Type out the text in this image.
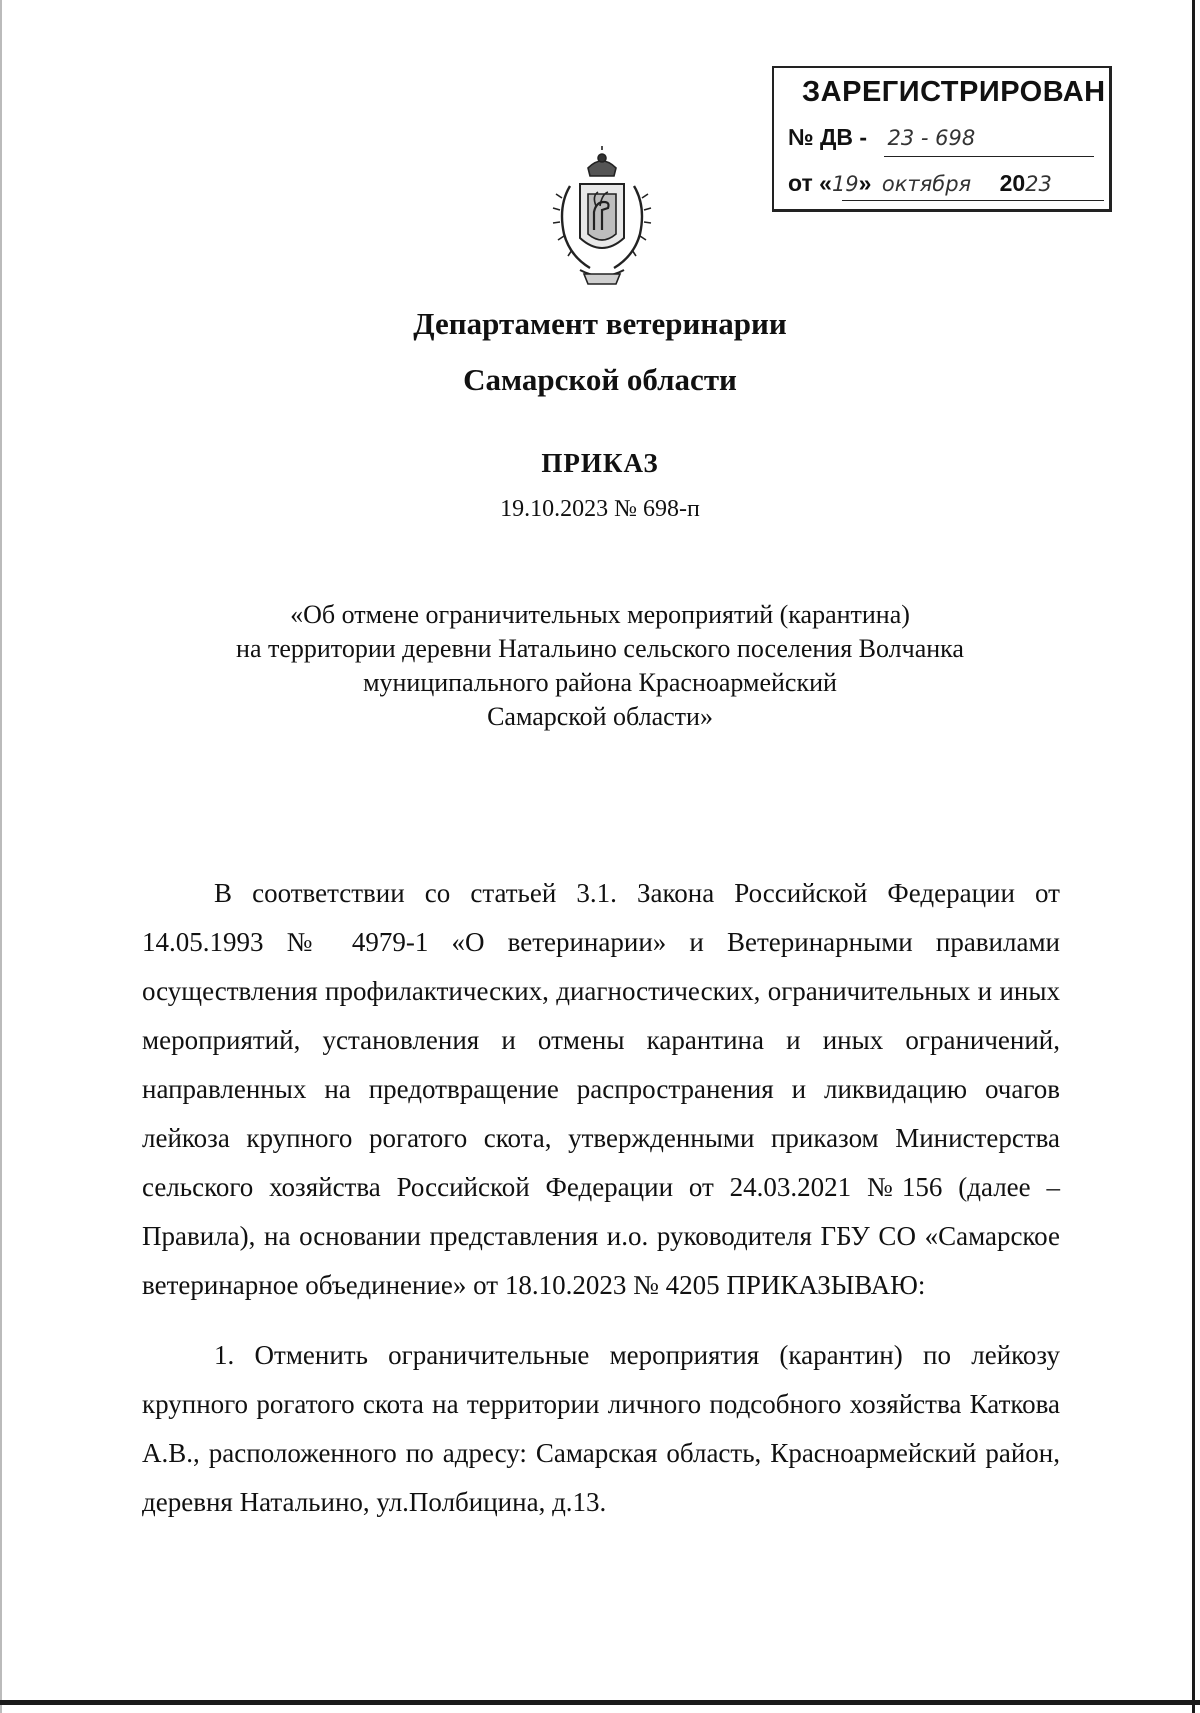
ЗАРЕГИСТРИРОВАН
№ ДВ - 23 - 698
от «19» октября 2023
Департамент ветеринарии
Самарской области
ПРИКАЗ
19.10.2023 № 698-п
«Об отмене ограничительных мероприятий (карантина)
на территории деревни Натальино сельского поселения Волчанка
муниципального района Красноармейский
Самарской области»
В соответствии со статьей 3.1. Закона Российской Федерации от 14.05.1993 № 4979-1 «О ветеринарии» и Ветеринарными правилами осуществления профилактических, диагностических, ограничительных и иных мероприятий, установления и отмены карантина и иных ограничений, направленных на предотвращение распространения и ликвидацию очагов лейкоза крупного рогатого скота, утвержденными приказом Министерства сельского хозяйства Российской Федерации от 24.03.2021 №156 (далее – Правила), на основании представления и.о. руководителя ГБУ СО «Самарское ветеринарное объединение» от 18.10.2023 № 4205 ПРИКАЗЫВАЮ:
1. Отменить ограничительные мероприятия (карантин) по лейкозу крупного рогатого скота на территории личного подсобного хозяйства Каткова А.В., расположенного по адресу: Самарская область, Красноармейский район, деревня Натальино, ул.Полбицина, д.13.
